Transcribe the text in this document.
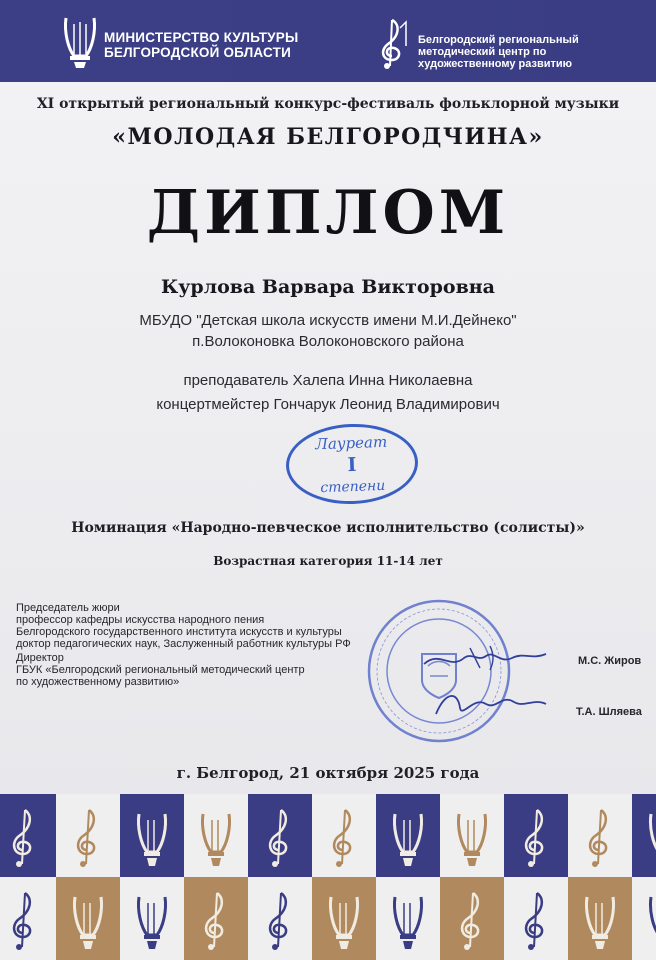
МИНИСТЕРСТВО КУЛЬТУРЫ
БЕЛГОРОДСКОЙ ОБЛАСТИ
Белгородский региональный
методический центр по
художественному развитию
XI открытый региональный конкурс-фестиваль фольклорной музыки
«МОЛОДАЯ БЕЛГОРОДЧИНА»
ДИПЛОМ
Курлова Варвара Викторовна
МБУДО "Детская школа искусств имени М.И.Дейнеко"
п.Волоконовка Волоконовского района
преподаватель Халепа Инна Николаевна
концертмейстер Гончарук Леонид Владимирович
Лауреат
I
степени
Номинация «Народно-певческое исполнительство (солисты)»
Возрастная категория 11-14 лет
Председатель жюри
профессор кафедры искусства народного пения
Белгородского государственного института искусств и культуры
доктор педагогических наук, Заслуженный работник культуры РФ
Директор
ГБУК «Белгородский региональный методический центр
по художественному развитию»
М.С. Жиров
Т.А. Шляева
г. Белгород, 21 октября 2025 года
